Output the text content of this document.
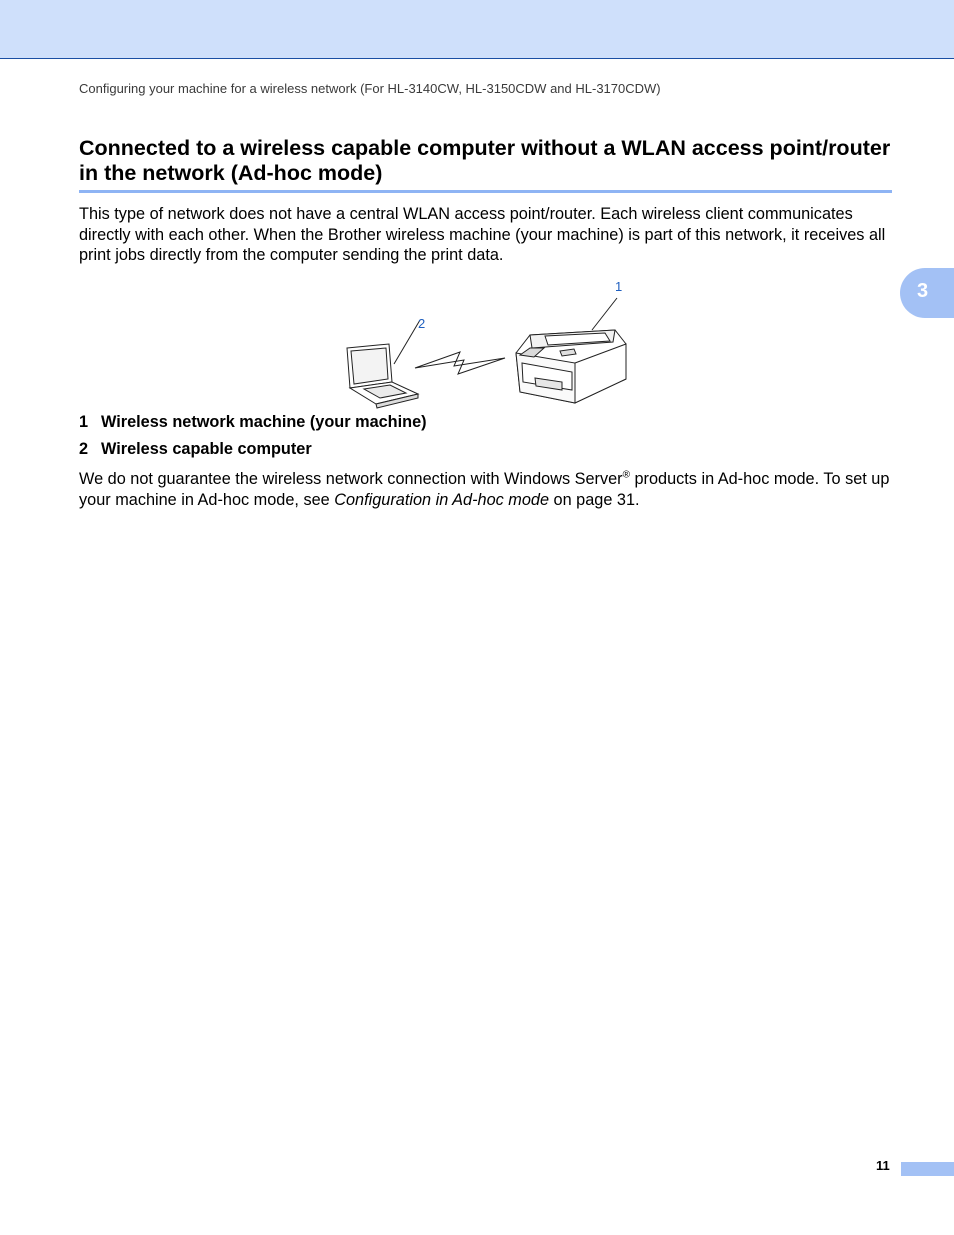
Configuring your machine for a wireless network (For HL-3140CW, HL-3150CDW and HL-3170CDW)
Connected to a wireless capable computer without a WLAN access point/router in the network (Ad-hoc mode)

This type of network does not have a central WLAN access point/router. Each wireless client communicates directly with each other. When the Brother wireless machine (your machine) is part of this network, it receives all print jobs directly from the computer sending the print data.

3
1
2
1 Wireless network machine (your machine)
2 Wireless capable computer

We do not guarantee the wireless network connection with Windows Server® products in Ad-hoc mode. To set up your machine in Ad-hoc mode, see Configuration in Ad-hoc mode on page 31.

11
